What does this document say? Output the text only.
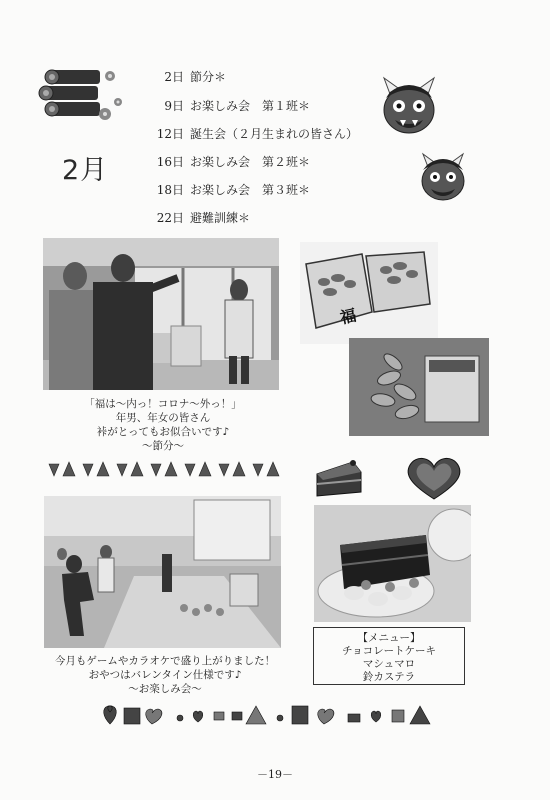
2月
2日 節分＊
9日 お楽しみ会　第１班＊
12日 誕生会（２月生まれの皆さん）
16日 お楽しみ会　第２班＊
18日 お楽しみ会　第３班＊
22日 避難訓練＊
「福は～内っ！コロナ～外っ！」
年男、年女の皆さん
裃がとってもお似合いです♪
～節分～
福
【メニュー】
チョコレートケーキ
マシュマロ
鈴カステラ
今月もゲームやカラオケで盛り上がりました！
おやつはバレンタイン仕様です♪
～お楽しみ会～
－19－
